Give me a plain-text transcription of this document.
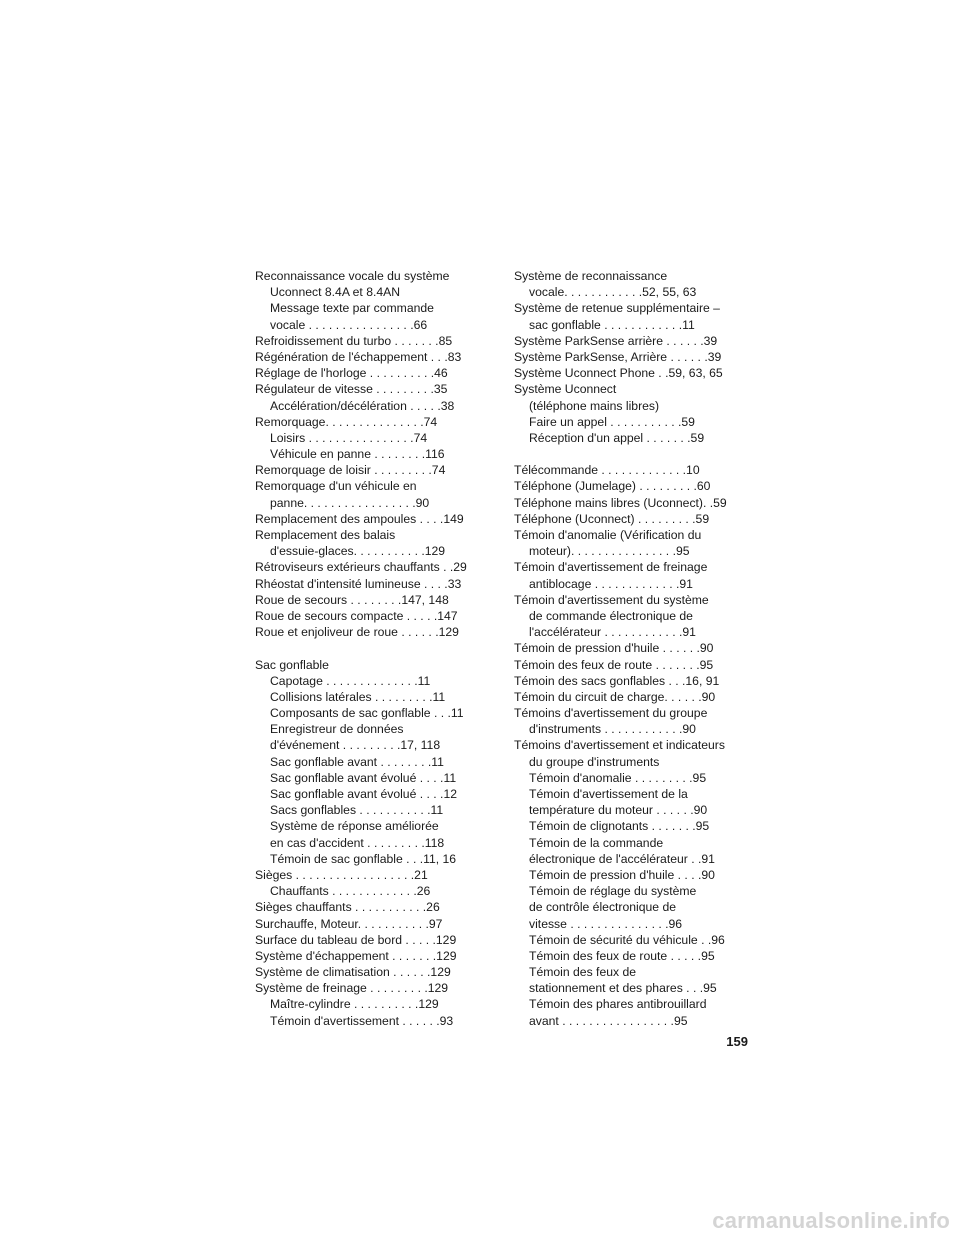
Reconnaissance vocale du système
Uconnect 8.4A et 8.4AN
Message texte par commande
vocale . . . . . . . . . . . . . . . .66
Refroidissement du turbo . . . . . . .85
Régénération de l'échappement . . .83
Réglage de l'horloge . . . . . . . . . .46
Régulateur de vitesse . . . . . . . . .35
Accélération/décélération . . . . .38
Remorquage. . . . . . . . . . . . . . .74
Loisirs . . . . . . . . . . . . . . . .74
Véhicule en panne . . . . . . . .116
Remorquage de loisir . . . . . . . . .74
Remorquage d'un véhicule en
panne. . . . . . . . . . . . . . . . .90
Remplacement des ampoules . . . .149
Remplacement des balais
d'essuie-glaces. . . . . . . . . . .129
Rétroviseurs extérieurs chauffants . .29
Rhéostat d'intensité lumineuse . . . .33
Roue de secours . . . . . . . .147, 148
Roue de secours compacte . . . . .147
Roue et enjoliveur de roue . . . . . .129
Sac gonflable
Capotage . . . . . . . . . . . . . .11
Collisions latérales . . . . . . . . .11
Composants de sac gonflable . . .11
Enregistreur de données
d'événement . . . . . . . . .17, 118
Sac gonflable avant . . . . . . . .11
Sac gonflable avant évolué . . . .11
Sac gonflable avant évolué . . . .12
Sacs gonflables . . . . . . . . . . .11
Système de réponse améliorée
en cas d'accident . . . . . . . . .118
Témoin de sac gonflable . . .11, 16
Sièges . . . . . . . . . . . . . . . . . .21
Chauffants . . . . . . . . . . . . .26
Sièges chauffants . . . . . . . . . . .26
Surchauffe, Moteur. . . . . . . . . . .97
Surface du tableau de bord . . . . .129
Système d'échappement . . . . . . .129
Système de climatisation . . . . . .129
Système de freinage . . . . . . . . .129
Maître-cylindre . . . . . . . . . .129
Témoin d'avertissement . . . . . .93
Système de reconnaissance
vocale. . . . . . . . . . . .52, 55, 63
Système de retenue supplémentaire –
sac gonflable . . . . . . . . . . . .11
Système ParkSense arrière . . . . . .39
Système ParkSense, Arrière . . . . . .39
Système Uconnect Phone . .59, 63, 65
Système Uconnect
(téléphone mains libres)
Faire un appel . . . . . . . . . . .59
Réception d'un appel . . . . . . .59
Télécommande . . . . . . . . . . . . .10
Téléphone (Jumelage) . . . . . . . . .60
Téléphone mains libres (Uconnect). .59
Téléphone (Uconnect) . . . . . . . . .59
Témoin d'anomalie (Vérification du
moteur). . . . . . . . . . . . . . . .95
Témoin d'avertissement de freinage
antiblocage . . . . . . . . . . . . .91
Témoin d'avertissement du système
de commande électronique de
l'accélérateur . . . . . . . . . . . .91
Témoin de pression d'huile . . . . . .90
Témoin des feux de route . . . . . . .95
Témoin des sacs gonflables . . .16, 91
Témoin du circuit de charge. . . . . .90
Témoins d'avertissement du groupe
d'instruments . . . . . . . . . . . .90
Témoins d'avertissement et indicateurs
du groupe d'instruments
Témoin d'anomalie . . . . . . . . .95
Témoin d'avertissement de la
température du moteur . . . . . .90
Témoin de clignotants . . . . . . .95
Témoin de la commande
électronique de l'accélérateur . .91
Témoin de pression d'huile . . . .90
Témoin de réglage du système
de contrôle électronique de
vitesse . . . . . . . . . . . . . . .96
Témoin de sécurité du véhicule . .96
Témoin des feux de route . . . . .95
Témoin des feux de
stationnement et des phares . . .95
Témoin des phares antibrouillard
avant . . . . . . . . . . . . . . . . .95
159
carmanualsonline.info
